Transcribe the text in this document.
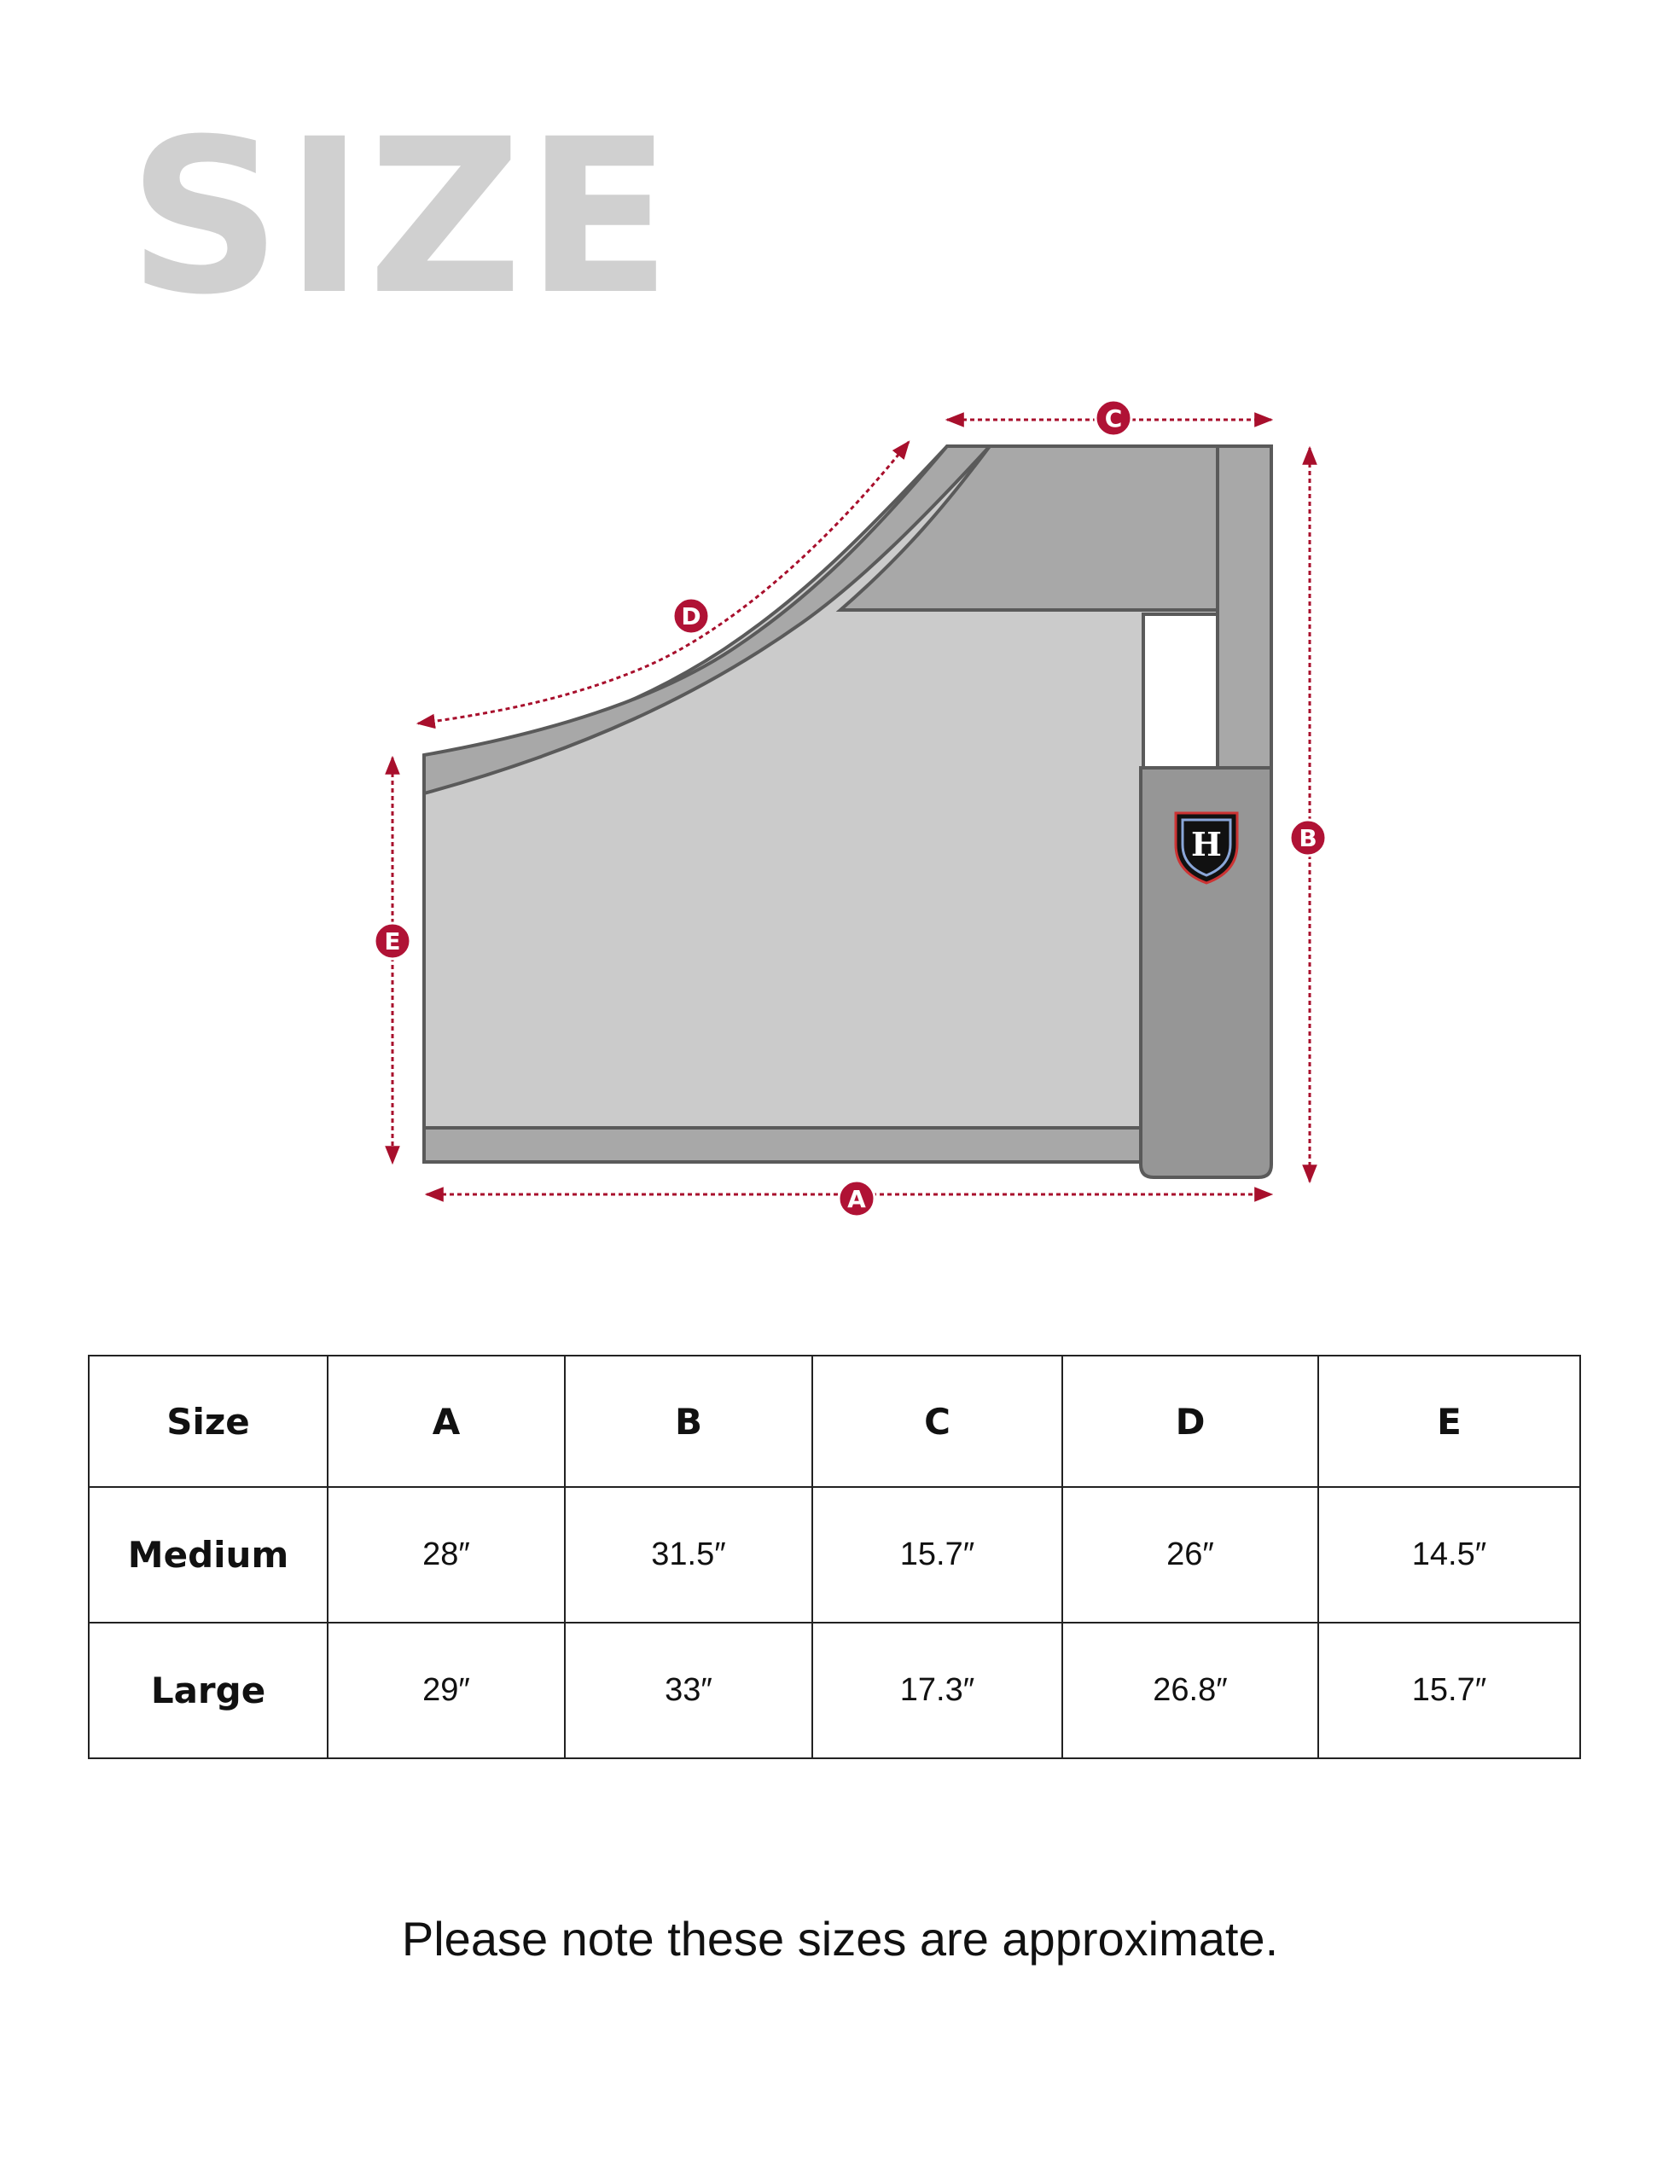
SIZE
H
A
B
C
D
E
Size	A	B	C	D	E
Medium	28″	31.5″	15.7″	26″	14.5″
Large	29″	33″	17.3″	26.8″	15.7″

Please note these sizes are approximate.
